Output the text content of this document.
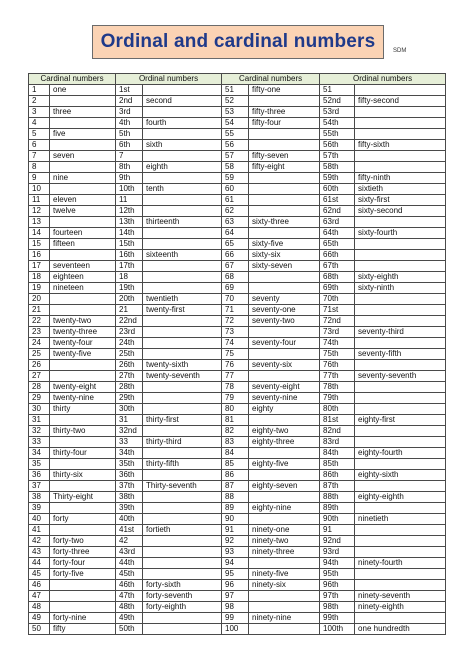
Ordinal and cardinal numbers	SDM
Cardinal numbers		Ordinal numbers		Cardinal numbers		Ordinal numbers	
1	one	1st		51	fifty-one	51	
2		2nd	second	52		52nd	fifty-second
3	three	3rd		53	fifty-three	53rd	
4		4th	fourth	54	fifty-four	54th	
5	five	5th		55		55th	
6		6th	sixth	56		56th	fifty-sixth
7	seven	7		57	fifty-seven	57th	
8		8th	eighth	58	fifty-eight	58th	
9	nine	9th		59		59th	fifty-ninth
10		10th	tenth	60		60th	sixtieth
11	eleven	11		61		61st	sixty-first
12	twelve	12th		62		62nd	sixty-second
13		13th	thirteenth	63	sixty-three	63rd	
14	fourteen	14th		64		64th	sixty-fourth
15	fifteen	15th		65	sixty-five	65th	
16		16th	sixteenth	66	sixty-six	66th	
17	seventeen	17th		67	sixty-seven	67th	
18	eighteen	18		68		68th	sixty-eighth
19	nineteen	19th		69		69th	sixty-ninth
20		20th	twentieth	70	seventy	70th	
21		21	twenty-first	71	seventy-one	71st	
22	twenty-two	22nd		72	seventy-two	72nd	
23	twenty-three	23rd		73		73rd	seventy-third
24	twenty-four	24th		74	seventy-four	74th	
25	twenty-five	25th		75		75th	seventy-fifth
26		26th	twenty-sixth	76	seventy-six	76th	
27		27th	twenty-seventh	77		77th	seventy-seventh
28	twenty-eight	28th		78	seventy-eight	78th	
29	twenty-nine	29th		79	seventy-nine	79th	
30	thirty	30th		80	eighty	80th	
31		31	thirty-first	81		81st	eighty-first
32	thirty-two	32nd		82	eighty-two	82nd	
33		33	thirty-third	83	eighty-three	83rd	
34	thirty-four	34th		84		84th	eighty-fourth
35		35th	thirty-fifth	85	eighty-five	85th	
36	thirty-six	36th		86		86th	eighty-sixth
37		37th	Thirty-seventh	87	eighty-seven	87th	
38	Thirty-eight	38th		88		88th	eighty-eighth
39		39th		89	eighty-nine	89th	
40	forty	40th		90		90th	ninetieth
41		41st	fortieth	91	ninety-one	91	
42	forty-two	42		92	ninety-two	92nd	
43	forty-three	43rd		93	ninety-three	93rd	
44	forty-four	44th		94		94th	ninety-fourth
45	forty-five	45th		95	ninety-five	95th	
46		46th	forty-sixth	96	ninety-six	96th	
47		47th	forty-seventh	97		97th	ninety-seventh
48		48th	forty-eighth	98		98th	ninety-eighth
49	forty-nine	49th		99	ninety-nine	99th	
50	fifty	50th		100		100th	one hundredth
